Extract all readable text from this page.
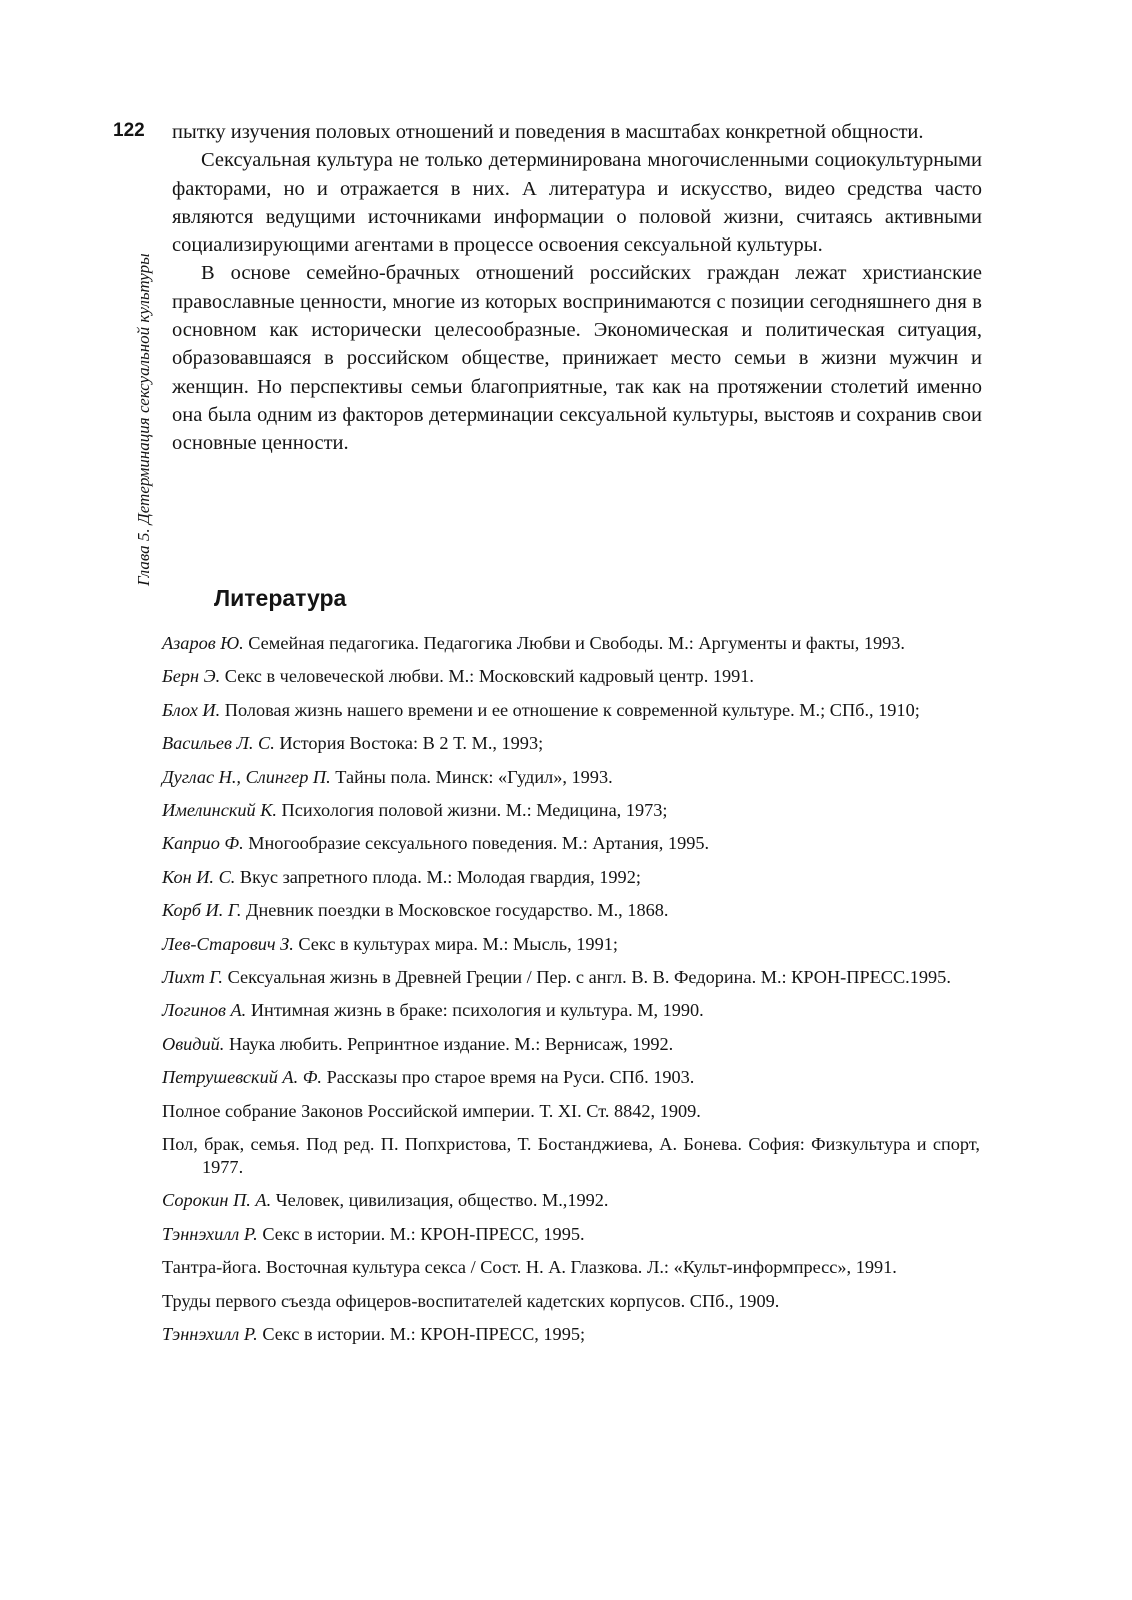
122
Глава 5. Детерминация сексуальной культуры

пытку изучения половых отношений и поведения в масштабах конкретной общности.

Сексуальная культура не только детерминирована многочисленными социокультурными факторами, но и отражается в них. А литература и искусство, видео средства часто являются ведущими источниками информации о половой жизни, считаясь активными социализирующими агентами в процессе освоения сексуальной культуры.

В основе семейно-брачных отношений российских граждан лежат христианские православные ценности, многие из которых воспринимаются с позиции сегодняшнего дня в основном как исторически целесообразные. Экономическая и политическая ситуация, образовавшаяся в российском обществе, принижает место семьи в жизни мужчин и женщин. Но перспективы семьи благоприятные, так как на протяжении столетий именно она была одним из факторов детерминации сексуальной культуры, выстояв и сохранив свои основные ценности.

Литература
Азаров Ю. Семейная педагогика. Педагогика Любви и Свободы. М.: Аргументы и факты, 1993.
Берн Э. Секс в человеческой любви. М.: Московский кадровый центр. 1991.
Блох И. Половая жизнь нашего времени и ее отношение к современной культуре. М.; СПб., 1910;
Васильев Л. С. История Востока: В 2 Т. М., 1993;
Дуглас Н., Слингер П. Тайны пола. Минск: «Гудил», 1993.
Имелинский К. Психология половой жизни. М.: Медицина, 1973;
Каприо Ф. Многообразие сексуального поведения. М.: Артания, 1995.
Кон И. С. Вкус запретного плода. М.: Молодая гвардия, 1992;
Корб И. Г. Дневник поездки в Московское государство. М., 1868.
Лев-Старович З. Секс в культурах мира. М.: Мысль, 1991;
Лихт Г. Сексуальная жизнь в Древней Греции / Пер. с англ. В. В. Федорина. М.: КРОН-ПРЕСС.1995.
Логинов А. Интимная жизнь в браке: психология и культура. М, 1990.
Овидий. Наука любить. Репринтное издание. М.: Вернисаж, 1992.
Петрушевский А. Ф. Рассказы про старое время на Руси. СПб. 1903.
Полное собрание Законов Российской империи. Т. XI. Ст. 8842, 1909.
Пол, брак, семья. Под ред. П. Попхристова, Т. Бостанджиева, А. Бонева. София: Физкультура и спорт, 1977.
Сорокин П. А. Человек, цивилизация, общество. М.,1992.
Тэннэхилл Р. Секс в истории. М.: КРОН-ПРЕСС, 1995.
Тантра-йога. Восточная культура секса / Сост. Н. А. Глазкова. Л.: «Культ-информпресс», 1991.
Труды первого съезда офицеров-воспитателей кадетских корпусов. СПб., 1909.
Тэннэхилл Р. Секс в истории. М.: КРОН-ПРЕСС, 1995;
